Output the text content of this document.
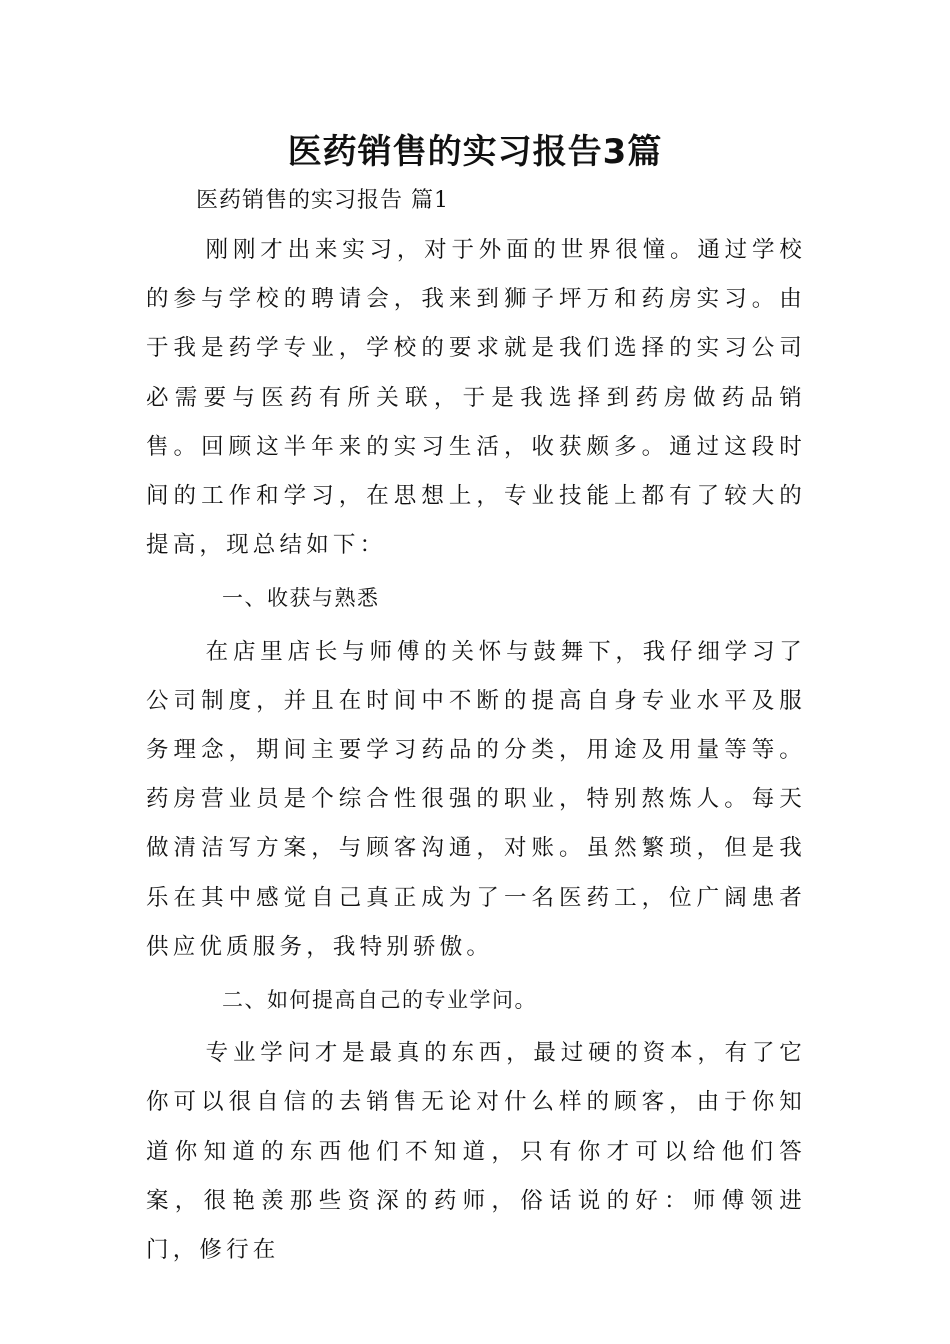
医药销售的实习报告3篇

医药销售的实习报告 篇1

刚刚才出来实习，对于外面的世界很憧。通过学校的参与学校的聘请会，我来到狮子坪万和药房实习。由于我是药学专业，学校的要求就是我们选择的实习公司必需要与医药有所关联，于是我选择到药房做药品销售。回顾这半年来的实习生活，收获颇多。通过这段时间的工作和学习，在思想上，专业技能上都有了较大的提高，现总结如下：

一、收获与熟悉

在店里店长与师傅的关怀与鼓舞下，我仔细学习了公司制度，并且在时间中不断的提高自身专业水平及服务理念，期间主要学习药品的分类，用途及用量等等。药房营业员是个综合性很强的职业，特别熬炼人。每天做清洁写方案，与顾客沟通，对账。虽然繁琐，但是我乐在其中感觉自己真正成为了一名医药工，位广阔患者供应优质服务，我特别骄傲。

二、如何提高自己的专业学问。

专业学问才是最真的东西，最过硬的资本，有了它你可以很自信的去销售无论对什么样的顾客，由于你知道你知道的东西他们不知道，只有你才可以给他们答案，很艳羡那些资深的药师，俗话说的好：师傅领进门，修行在
